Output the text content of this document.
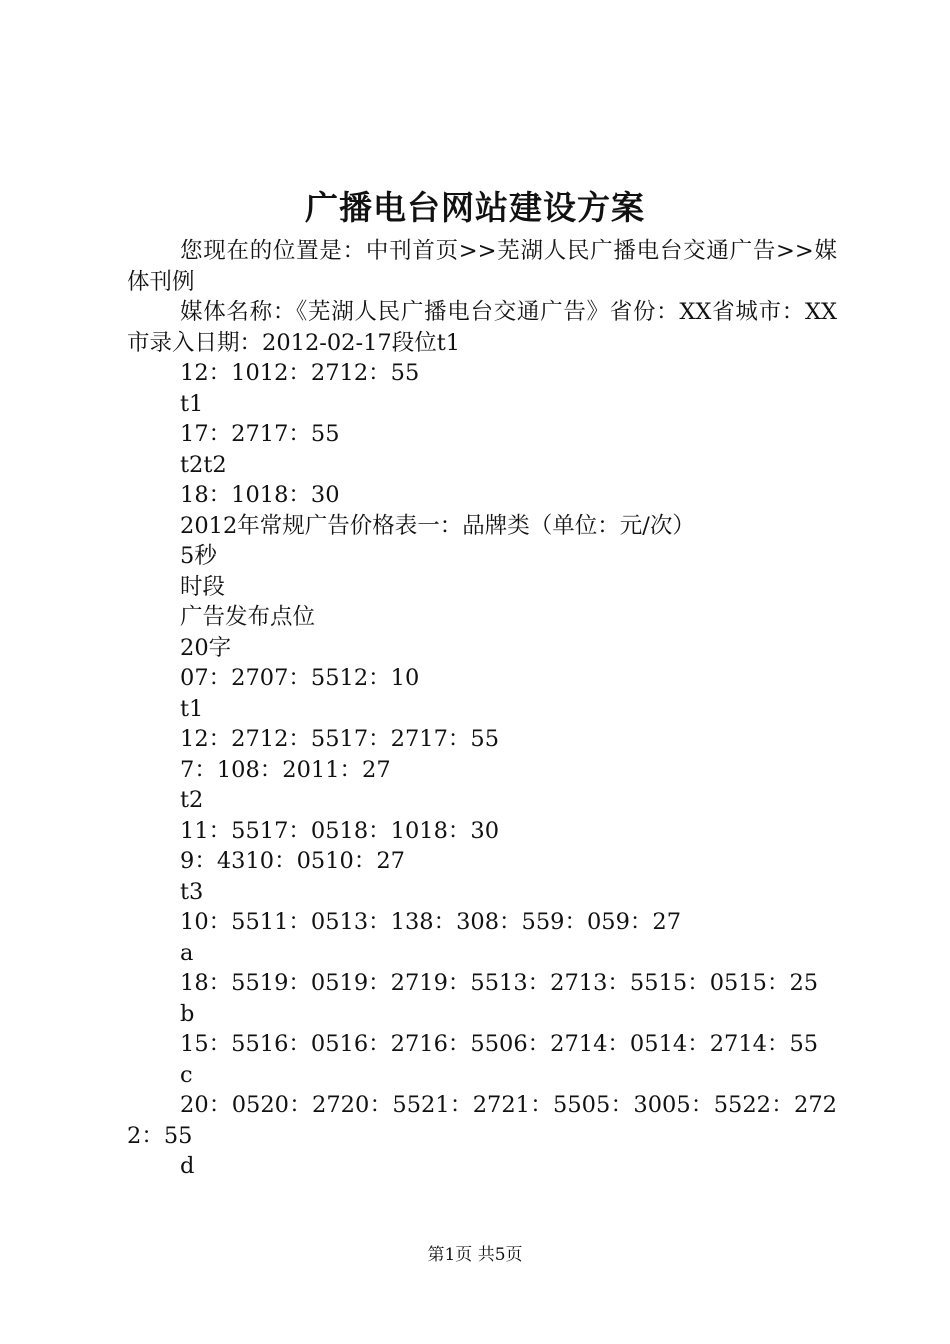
广播电台网站建设方案

您现在的位置是：中刊首页>>芜湖人民广播电台交通广告>>媒体刊例

媒体名称：《芜湖人民广播电台交通广告》省份：XX省城市：XX市录入日期：2012-02-17段位t1

12：1012：2712：55

t1

17：2717：55

t2t2

18：1018：30

2012年常规广告价格表一：品牌类（单位：元/次）

5秒

时段

广告发布点位

20字

07：2707：5512：10

t1

12：2712：5517：2717：55

7：108：2011：27

t2

11：5517：0518：1018：30

9：4310：0510：27

t3

10：5511：0513：138：308：559：059：27

a

18：5519：0519：2719：5513：2713：5515：0515：25

b

15：5516：0516：2716：5506：2714：0514：2714：55

c

20：0520：2720：5521：2721：5505：3005：5522：2722：55

d

第1页 共5页
